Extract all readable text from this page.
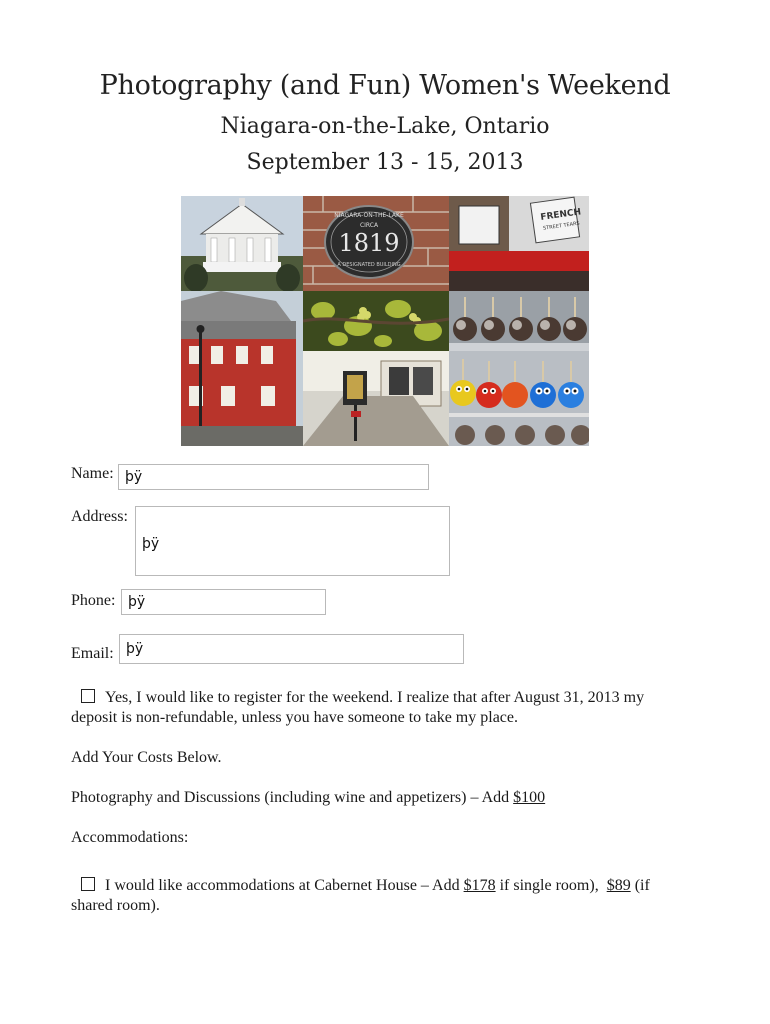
Photography (and Fun) Women's Weekend
Niagara-on-the-Lake, Ontario
September 13 - 15, 2013
NIAGARA-ON-THE-LAKE
CIRCA
1819
A DESIGNATED BUILDING
FRENCH
STREET TEARS
Name: þÿ
Address:
þÿ
Phone: þÿ
Email: þÿ
Yes, I would like to register for the weekend. I realize that after August 31, 2013 my
deposit is non-refundable, unless you have someone to take my place.
Add Your Costs Below.
Photography and Discussions (including wine and appetizers) – Add $100
Accommodations:
I would like accommodations at Cabernet House – Add $178 if single room),  $89 (if
shared room).
